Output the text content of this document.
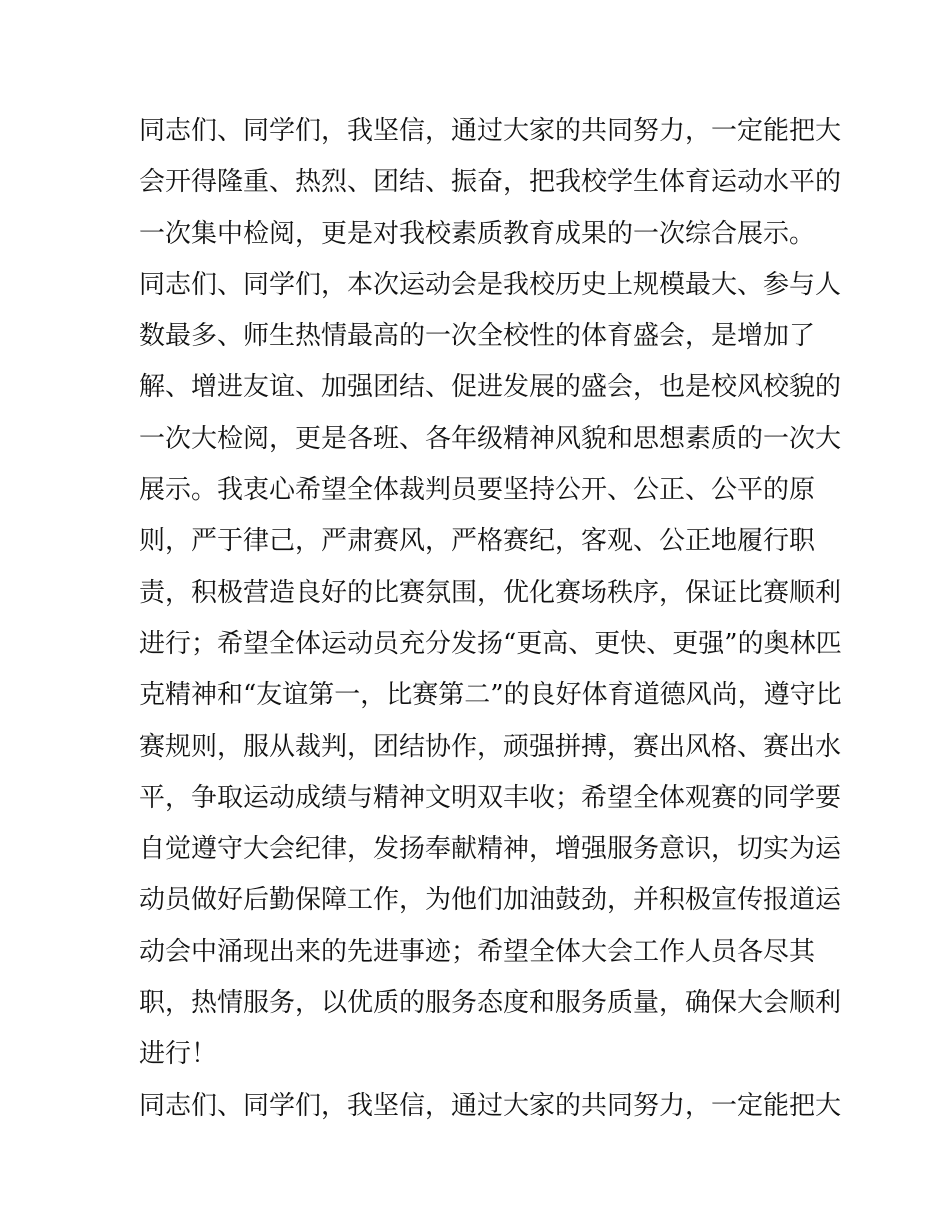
同志们、同学们，我坚信，通过大家的共同努力，一定能把大
会开得隆重、热烈、团结、振奋，把我校学生体育运动水平的
一次集中检阅，更是对我校素质教育成果的一次综合展示。
同志们、同学们，本次运动会是我校历史上规模最大、参与人
数最多、师生热情最高的一次全校性的体育盛会，是增加了
解、增进友谊、加强团结、促进发展的盛会，也是校风校貌的
一次大检阅，更是各班、各年级精神风貌和思想素质的一次大
展示。我衷心希望全体裁判员要坚持公开、公正、公平的原
则，严于律己，严肃赛风，严格赛纪，客观、公正地履行职
责，积极营造良好的比赛氛围，优化赛场秩序，保证比赛顺利
进行；希望全体运动员充分发扬“更高、更快、更强”的奥林匹
克精神和“友谊第一，比赛第二”的良好体育道德风尚，遵守比
赛规则，服从裁判，团结协作，顽强拼搏，赛出风格、赛出水
平，争取运动成绩与精神文明双丰收；希望全体观赛的同学要
自觉遵守大会纪律，发扬奉献精神，增强服务意识，切实为运
动员做好后勤保障工作，为他们加油鼓劲，并积极宣传报道运
动会中涌现出来的先进事迹；希望全体大会工作人员各尽其
职，热情服务，以优质的服务态度和服务质量，确保大会顺利
进行！
同志们、同学们，我坚信，通过大家的共同努力，一定能把大
